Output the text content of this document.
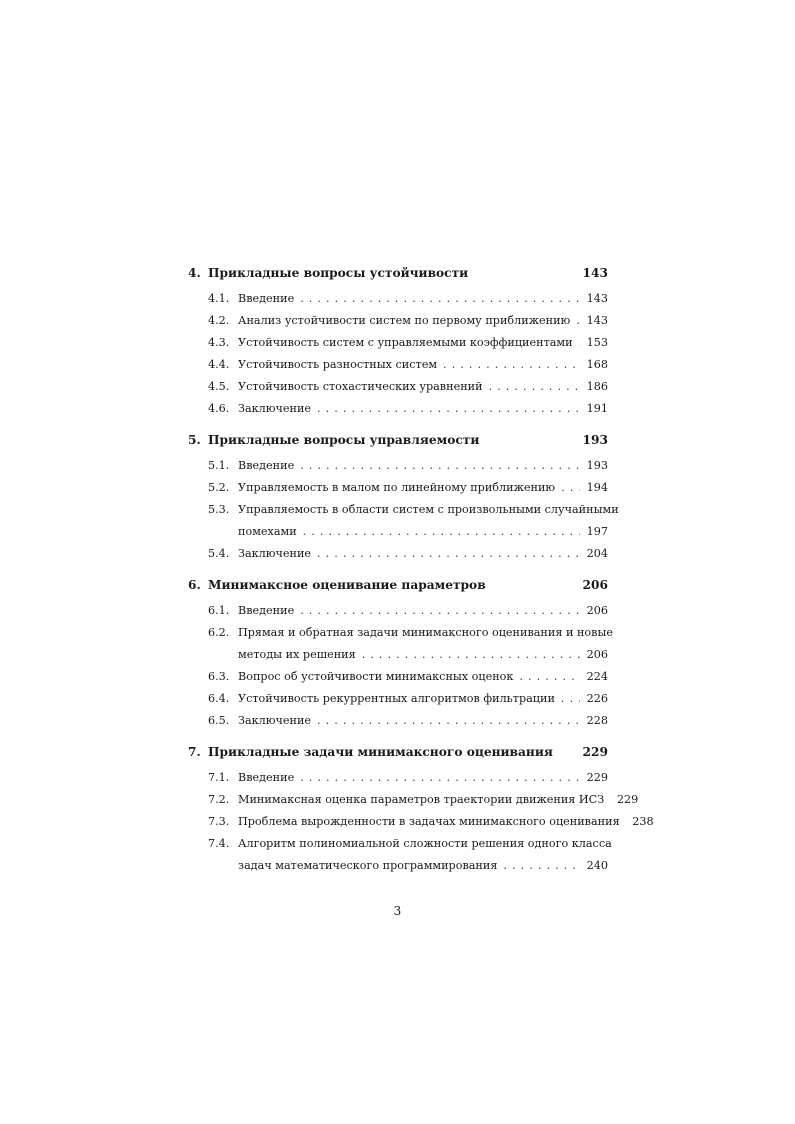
4. Прикладные вопросы устойчивости	143
4.1. Введение . . .	143
4.2. Анализ устойчивости систем по первому приближению . . . 143
4.3. Устойчивость систем с управляемыми коэффициентами . . . 153
4.4. Устойчивость разностных систем . . .	168
4.5. Устойчивость стохастических уравнений . . .	186
4.6. Заключение . . .	191
5. Прикладные вопросы управляемости	193
5.1. Введение . . .	193
5.2. Управляемость в малом по линейному приближению . . .	194
5.3. Управляемость в области систем с произвольными случайными
помехами . . .	197
5.4. Заключение . . .	204
6. Минимаксное оценивание параметров	206
6.1. Введение . . .	206
6.2. Прямая и обратная задачи минимаксного оценивания и новые
методы их решения . . .	206
6.3. Вопрос об устойчивости минимаксных оценок . . .	224
6.4. Устойчивость рекуррентных алгоритмов фильтрации . . .	226
6.5. Заключение . . .	228
7. Прикладные задачи минимаксного оценивания	229
7.1. Введение . . .	229
7.2. Минимаксная оценка параметров траектории движения ИСЗ 229
7.3. Проблема вырожденности в задачах минимаксного оценивания 238
7.4. Алгоритм полиномиальной сложности решения одного класса
задач математического программирования . . .	240
3
